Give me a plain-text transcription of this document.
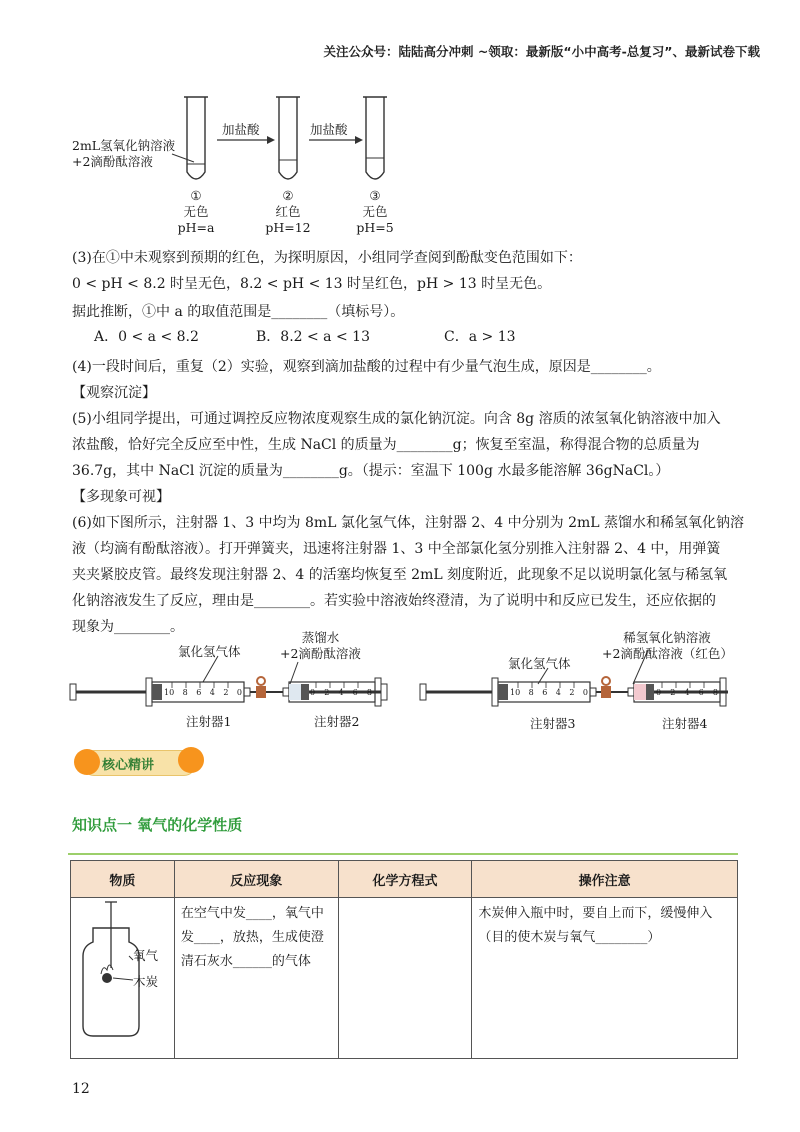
关注公众号：陆陆高分冲刺 ~领取：最新版“小中高考-总复习”、最新试卷下载
2mL氢氧化钠溶液
+2滴酚酞溶液
加盐酸	加盐酸
①
无色
pH=a
②
红色
pH=12
③
无色
pH=5
(3)在①中未观察到预期的红色，为探明原因，小组同学查阅到酚酞变色范围如下：
0 < pH < 8.2 时呈无色，8.2 < pH < 13 时呈红色，pH > 13 时呈无色。
据此推断，①中 a 的取值范围是________（填标号）。
A．0 < a < 8.2	B．8.2 < a < 13	C．a > 13
(4)一段时间后，重复（2）实验，观察到滴加盐酸的过程中有少量气泡生成，原因是________。
【观察沉淀】
(5)小组同学提出，可通过调控反应物浓度观察生成的氯化钠沉淀。向含 8g 溶质的浓氢氧化钠溶液中加入
浓盐酸，恰好完全反应至中性，生成 NaCl 的质量为________g；恢复至室温，称得混合物的总质量为
36.7g，其中 NaCl 沉淀的质量为________g。（提示：室温下 100g 水最多能溶解 36gNaCl。）
【多现象可视】
(6)如下图所示，注射器 1、3 中均为 8mL 氯化氢气体，注射器 2、4 中分别为 2mL 蒸馏水和稀氢氧化钠溶
液（均滴有酚酞溶液）。打开弹簧夹，迅速将注射器 1、3 中全部氯化氢分别推入注射器 2、4 中，用弹簧
夹夹紧胶皮管。最终发现注射器 2、4 的活塞均恢复至 2mL 刻度附近，此现象不足以说明氯化氢与稀氢氧
化钠溶液发生了反应，理由是________。若实验中溶液始终澄清，为了说明中和反应已发生，还应依据的
现象为________。
10 8 6 4 2 0	0 2 4 6 8	10 8 6 4 2 0	0 2 4 6 8
氯化氢气体
蒸馏水
+2滴酚酞溶液
注射器1	注射器2
氯化氢气体
稀氢氧化钠溶液
+2滴酚酞溶液（红色）
注射器3	注射器4
核心精讲
知识点一 氧气的化学性质
物质	反应现象	化学方程式	操作注意

氧气
木炭	在空气中发____，氧气中发____，放热，生成使澄清石灰水______的气体		木炭伸入瓶中时，要自上而下，缓慢伸入（目的使木炭与氧气________）
12
